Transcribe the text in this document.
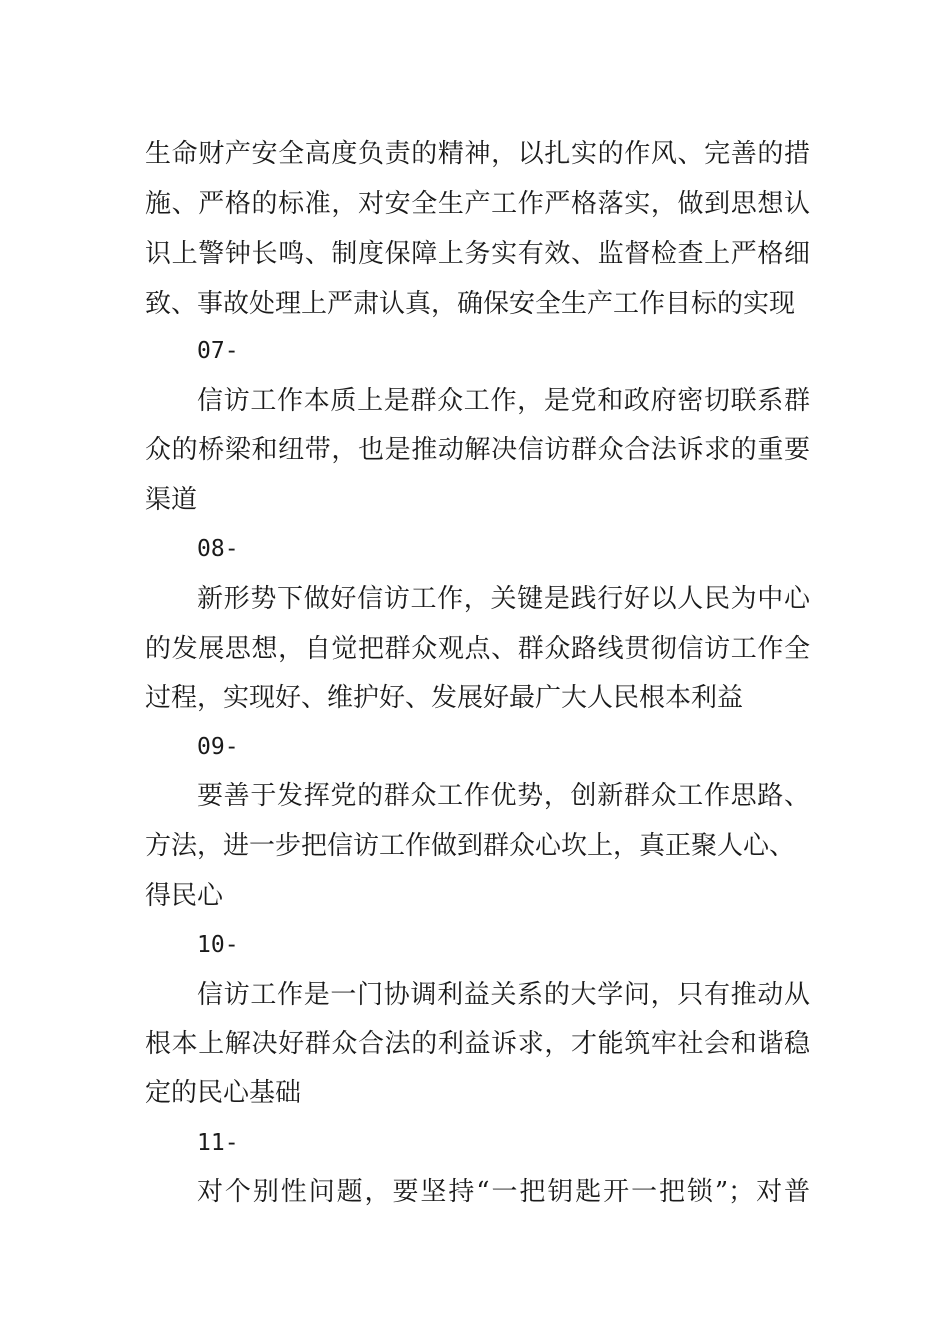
生命财产安全高度负责的精神，以扎实的作风、完善的措
施、严格的标准，对安全生产工作严格落实，做到思想认
识上警钟长鸣、制度保障上务实有效、监督检查上严格细
致、事故处理上严肃认真，确保安全生产工作目标的实现
07-
信访工作本质上是群众工作，是党和政府密切联系群
众的桥梁和纽带，也是推动解决信访群众合法诉求的重要
渠道
08-
新形势下做好信访工作，关键是践行好以人民为中心
的发展思想，自觉把群众观点、群众路线贯彻信访工作全
过程，实现好、维护好、发展好最广大人民根本利益
09-
要善于发挥党的群众工作优势，创新群众工作思路、
方法，进一步把信访工作做到群众心坎上，真正聚人心、
得民心
10-
信访工作是一门协调利益关系的大学问，只有推动从
根本上解决好群众合法的利益诉求，才能筑牢社会和谐稳
定的民心基础
11-
对个别性问题，要坚持“一把钥匙开一把锁”；对普
